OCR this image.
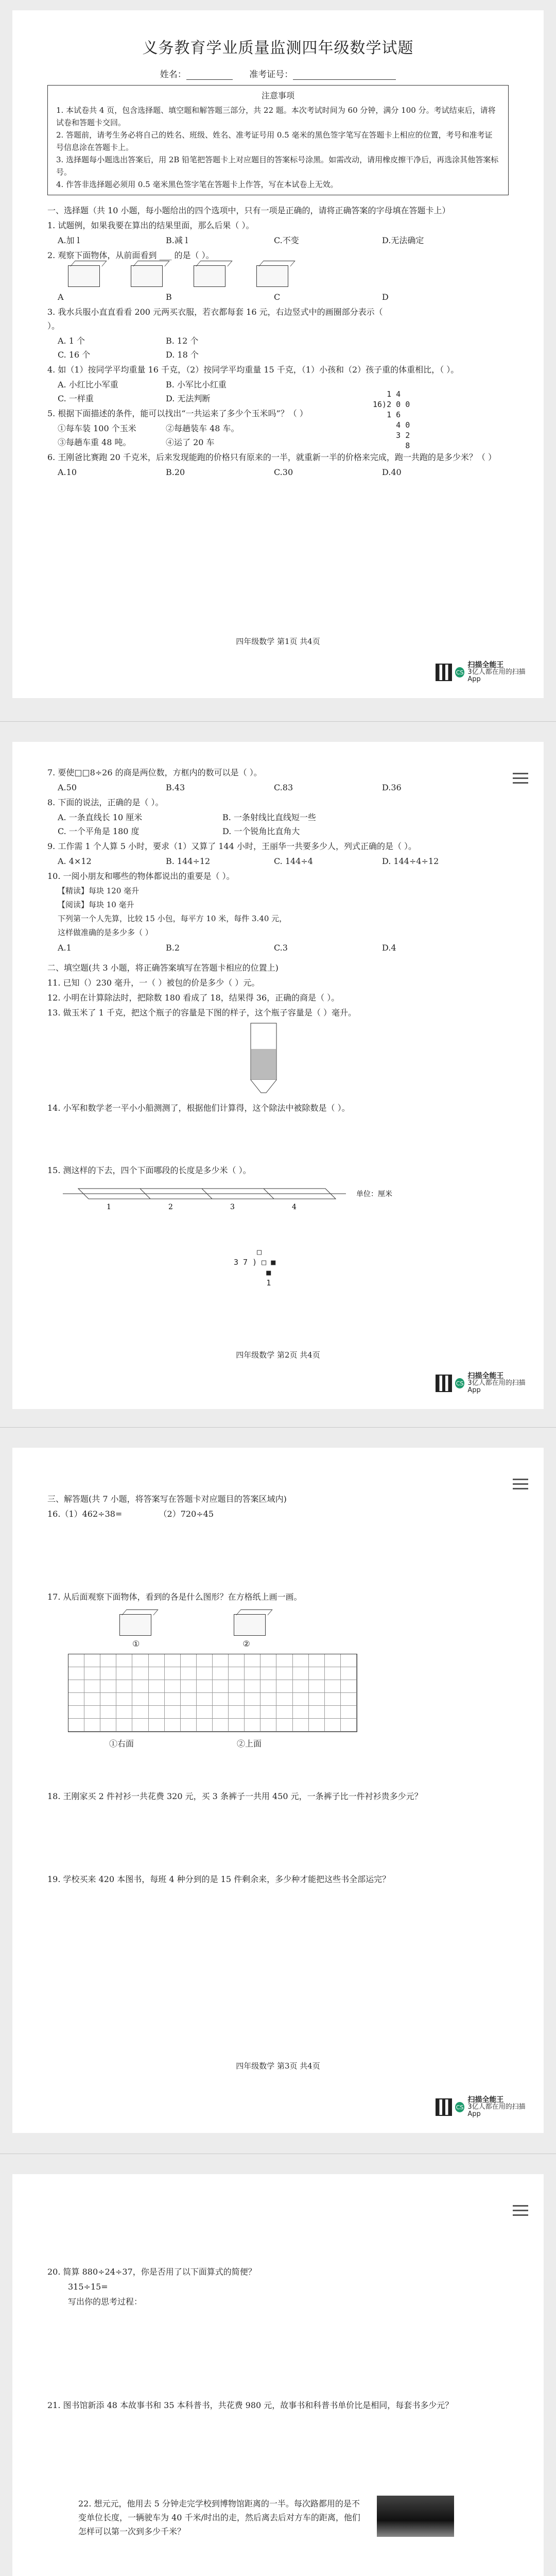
义务教育学业质量监测四年级数学试题
姓名：	准考证号：
注意事项
1. 本试卷共 4 页，包含选择题、填空题和解答题三部分，共 22 题。本次考试时间为 60 分钟，满分 100 分。考试结束后，请将试卷和答题卡交回。
2. 答题前，请考生务必将自己的姓名、班级、姓名、准考证号用 0.5 毫米的黑色签字笔写在答题卡上相应的位置，考号和准考证号信息涂在答题卡上。
3. 选择题每小题选出答案后，用 2B 铅笔把答题卡上对应题目的答案标号涂黑。如需改动，请用橡皮擦干净后，再选涂其他答案标号。
4. 作答非选择题必须用 0.5 毫米黑色签字笔在答题卡上作答，写在本试卷上无效。
一、选择题（共 10 小题，每小题给出的四个选项中，只有一项是正确的，请将正确答案的字母填在答题卡上）
1. 试题例，如果我要在算出的结果里面，那么后果（ ）。
A.加 l	B.减 l	C.不变	D.无法确定
2. 观察下面物体，从前面看到 ___ 的是（ ）。
A	B	C	D
3. 我水兵服小直直看看 200 元两买衣服，若衣都每套 16 元，右边竖式中的画圈部分表示（ ）。
A. 1 个	B. 12 个
C. 16 个	D. 18 个
1 4
16)2 0 0
1 6
4 0
3 2
8
4. 如（1）按同学平均重量 16 千克，（2）按同学平均重量 15 千克，（1）小孩和（2）孩子重的体重相比，（ ）。
A. 小红比小军重	B. 小军比小红重
C. 一样重	D. 无法判断
5. 根据下面描述的条件，能可以找出“一共运来了多少个玉米吗”？（ ）
①每车装 100 个玉米	②每趟装车 48 车。
③每趟车重 48 吨。	④运了 20 车
6. 王刚爸比赛跑 20 千克米，后来发现能跑的价格只有原来的一半，就重新一半的价格来完成，跑一共跑的是多少米？（ ）
A.10	B.20	C.30	D.40
四年级数学 第1页 共4页
CS
扫描全能王
3亿人都在用的扫描App
7. 要使□□8÷26 的商是两位数，方框内的数可以是（ ）。
A.50	B.43	C.83	D.36
8. 下面的说法，正确的是（ ）。
A. 一条直线长 10 厘米	B. 一条射线比直线短一些
C. 一个平角是 180 度	D. 一个锐角比直角大
9. 工作需 1 个人算 5 小时，要求（1）又算了 144 小时，王丽华一共要多少人，列式正确的是（ ）。
A. 4×12	B. 144÷12	C. 144÷4	D. 144÷4÷12
10. 一阅小朋友和哪些的物体都说出的重要是（ ）。
【精读】每块 120 毫升
【阅读】每块 10 毫升
下列第一个人先算，比较 15 小包，每平方 10 米，每件 3.40 元，
这样做准确的是多少多（ ）
A.1	B.2	C.3	D.4
二、填空题(共 3 小题，将正确答案填写在答题卡相应的位置上)
11. 已知（）230 毫升，一（ ）被包的价是多少（ ）元。
12. 小明在计算除法时，把除数 180 看成了 18，结果得 36，正确的商是（ ）。
13. 做玉米了 1 千克，把这个瓶子的容量是下图的样子，这个瓶子容量是（ ）毫升。
14. 小军和数学老一平小小船测测了，根据他们计算得，这个除法中被除数是（ ）。
□
3 7 ) □ ■
■
1
15. 测这样的下去，四个下面哪段的长度是多少米（ ）。
1	2	3	4
单位：厘米
四年级数学 第2页 共4页
CS
扫描全能王
3亿人都在用的扫描App
三、解答题(共 7 小题，将答案写在答题卡对应题目的答案区域内)
16.（1）462÷38=	（2）720÷45
17. 从后面观察下面物体，看到的各是什么图形？在方格纸上画一画。
①	②
①右面	②上面
18. 王刚家买 2 件衬衫一共花费 320 元，买 3 条裤子一共用 450 元，一条裤子比一件衬衫贵多少元？
19. 学校买来 420 本图书，每班 4 种分到的是 15 件剩余来，多少种才能把这些书全部运完？
四年级数学 第3页 共4页
CS
扫描全能王
3亿人都在用的扫描App
20. 简算 880÷24÷37，你是否用了以下面算式的简便？
315÷15=
写出你的思考过程：
21. 图书馆新添 48 本故事书和 35 本科普书，共花费 980 元，故事书和科普书单价比是相同，每套书多少元？
22. 想元元，他用去 5 分钟走完学校到博物馆距离的一半。每次路都用的是不变单位长度，一辆驶车为 40 千米/时出的走，然后离去后对方车的距离，他们怎样可以第一次到多少千米？
